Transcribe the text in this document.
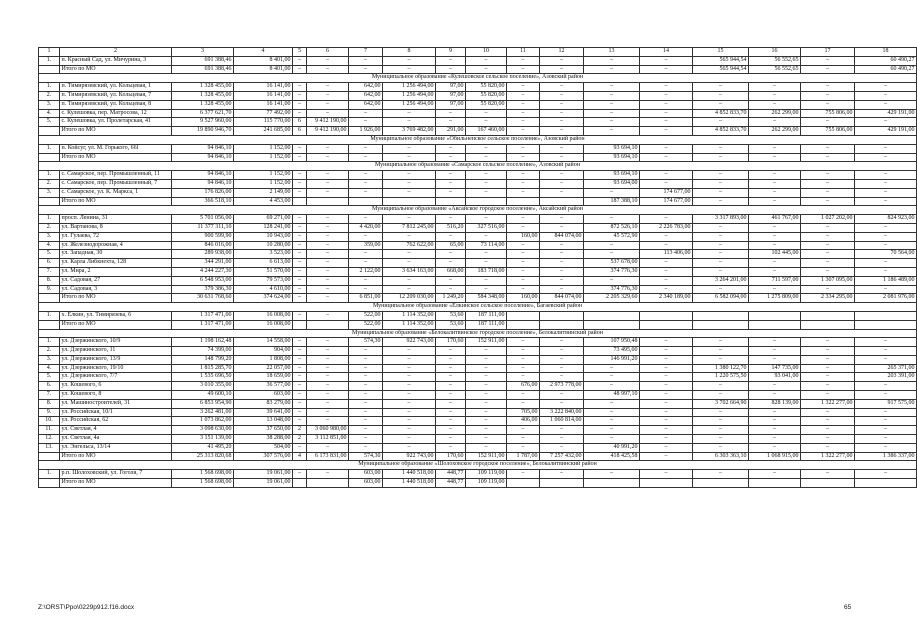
1	2	3	4	5	6	7	8	9	10	11	12	13	14	15	16	17	18
1.	п. Красный Сад, ул. Мичурина, 3	691 388,46	8 401,00	–	–	–	–	–	–	–	–	–	–	565 944,54	56 552,65	–	60 490,27
	Итого по МО	691 388,46	8 401,00	–	–	–	–	–	–	–	–	–	–	565 944,54	56 552,65	–	60 490,27
Муниципальное образование «Кулешовское сельское поселение», Азовский район																	
1.	п. Тимирязевский, ул. Кольцевая, 1	1 328 455,00	16 141,00	–	–	642,00	1 256 494,00	97,00	55 820,00	–	–	–	–	–	–	–	–
2.	п. Тимирязевский, ул. Кольцевая, 7	1 328 455,00	16 141,00	–	–	642,00	1 256 494,00	97,00	55 820,00	–	–	–	–	–	–	–	–
3.	п. Тимирязевский, ул. Кольцевая, 8	1 328 455,00	16 141,00	–	–	642,00	1 256 494,00	97,00	55 820,00	–	–	–	–	–	–	–	–
4.	с. Кулешовка, пер. Матросова, 12	6 377 621,70	77 492,00	–	–	–	–	–	–	–	–	–	–	4 852 833,70	262 299,00	755 806,00	429 191,00
5.	с. Кулешовка, ул. Пролетарская, 41	9 527 960,00	115 770,00	6	9 412 190,00	–	–	–	–	–	–	–	–	–	–	–	–
	Итого по МО	19 890 946,70	241 685,00	6	9 412 190,00	1 926,00	3 769 482,00	291,00	167 460,00	–	–	–	–	4 852 833,70	262 299,00	755 806,00	429 191,00
Муниципальное образование «Обильненское сельское поселение», Азовский район																	
1.	п. Койсуг, ул. М. Горького, 66l	94 846,10	1 152,00	–	–	–	–	–	–	–	–	93 694,10	–	–	–	–	–
	Итого по МО	94 846,10	1 152,00	–	–	–	–	–	–	–	–	93 694,10	–	–	–	–	–
Муниципальное образование «Самарское сельское поселение», Азовский район																	
1.	с. Самарское, пер. Промышленный, 11	94 846,10	1 152,00	–	–	–	–	–	–	–	–	93 694,10	–	–	–	–	–
2.	с. Самарское, пер. Промышленный, 7	94 846,10	1 152,00	–	–	–	–	–	–	–	–	93 694,00	–	–	–	–	–
3.	с. Самарское, ул. К. Маркса, 1	176 826,00	2 149,00	–	–	–	–	–	–	–	–	–	174 677,00	–	–	–	–
	Итого по МО	366 518,10	4 453,00									187 388,10	174 677,00	–	–	–	–
Муниципальное образование «Аксайское городское поселение», Аксайский район																	
1.	просп. Ленина, 31	5 701 056,00	69 271,00	–	–	–	–	–	–	–	–	–	–	3 317 893,00	461 767,00	1 027 202,00	824 923,00
2.	ул. Вартанова, 8	11 377 311,10	128 241,00	–	–	4 420,00	7 812 245,00	516,20	327 516,00	–	–	872 526,10	2 226 783,00	–	–	–	–
3.	ул. Гулаева, 72	900 599,90	10 943,00	–	–	–	–	–	–	160,00	844 074,00	45 572,90	–	–	–	–	–
4.	ул. Железнодорожная, 4	846 016,00	10 280,00	–	–	359,00	762 622,00	65,00	73 114,00	–	–	–	–	–	–	–	–
5.	ул. Западная, 30	289 938,00	3 523,00	–	–	–	–	–	–	–	–	–	113 406,00	–	102 445,00	–	70 564,00
6.	ул. Карла Либкнехта, 128	344 291,00	6 613,00	–	–	–	–	–	–	–	–	537 678,00	–	–	–	–	–
7.	ул. Мира, 2	4 244 227,30	51 570,00	–	–	2 122,00	3 634 163,00	668,00	183 718,00	–	–	374 776,30	–	–	–	–	–
8.	ул. Садовая, 27	6 548 953,00	79 573,00	–	–	–	–	–	–	–	–	–	–	3 264 201,00	711 597,00	1 307 095,00	1 186 489,00
9.	ул. Садовая, 3	379 386,30	4 610,00	–	–	–	–	–	–	–	–	374 776,30	–	–	–	–	–
	Итого по МО	30 631 768,60	374 624,00	–	–	6 851,00	12 209 030,00	1 249,20	584 348,00	160,00	844 074,00	2 205 329,60	2 340 189,00	6 582 094,00	1 275 809,00	2 334 295,00	2 081 976,00
Муниципальное образование «Елкинское сельское поселение», Багаевский район																	
1.	х. Ёлкин, ул. Тимирязева, 6	1 317 471,00	16 008,00	–	–	522,00	1 114 352,00	53,60	187 111,00								
	Итого по МО	1 317 471,00	16 008,00			522,00	1 114 352,00	53,60	187 111,00								
Муниципальное образование «Белокалитвинское городское поселение», Белокалитвинский район																	
1.	ул. Дзержинского, 10/9	1 198 162,48	14 558,00	–	–	574,30	922 743,00	170,60	152 911,00	–	–	107 950,48	–	–	–	–	–
2.	ул. Дзержинского, 11	74 399,00	904,00	–	–	–	–	–	–	–	–	73 495,00	–	–	–	–	–
3.	ул. Дзержинского, 13/9	148 799,20	1 808,00	–	–	–	–	–	–	–	–	146 991,20	–	–	–	–	–
4.	ул. Дзержинского, 19/10	1 815 285,70	22 057,00	–	–	–	–	–	–	–	–	–	–	1 380 122,70	147 735,00	–	265 371,00
5.	ул. Дзержинского, 7/7	1 535 696,50	18 659,00	–	–	–	–	–	–	–	–	–	–	1 220 575,50	93 041,00	–	203 391,00
6.	ул. Кошевого, 6	3 010 355,00	36 577,00	–	–	–	–	–	–	676,00	2 973 778,00	–	–	–	–	–	–
7.	ул. Кошевого, 8	49 600,10	603,00	–	–	–	–	–	–	–	–	48 997,10	–	–	–	–	–
8.	ул. Машиностроителей, 31	6 853 954,90	83 279,00	–	–	–	–	–	–	–	–	–	–	3 702 664,90	828 139,00	1 322 277,00	917 575,00
9.	ул. Российская, 10/1	3 262 481,00	39 641,00	–	–	–	–	–	–	705,00	3 222 840,00	–	–	–	–	–	–
10.	ул. Российская, 62	1 073 862,00	13 048,00	–	–	–	–	–	–	406,00	1 060 814,00	–	–	–	–	–	–
11.	ул. Светлая, 4	3 098 630,00	37 650,00	2	3 060 980,00	–	–	–	–	–	–	–	–	–	–	–	–
12.	ул. Светлая, 4а	3 151 139,00	38 288,00	2	3 112 851,00	–	–	–	–	–	–	–	–	–	–	–	–
13.	ул. Энгельса, 13/14	41 495,20	504,00	–	–	–	–	–	–	–	–	40 991,20	–	–	–	–	–
	Итого по МО	25 313 820,68	307 576,00	4	6 173 831,00	574,30	922 743,00	170,60	152 911,00	1 787,00	7 257 432,00	418 425,58	–	6 303 363,10	1 068 915,00	1 322 277,00	1 386 337,00
Муниципальное образование «Шолоховское городское поселение», Белокалитвинский район																	
1.	р.п. Шолоховский, ул. Гоголя, 7	1 568 698,00	19 061,00	–	–	603,00	1 440 518,00	448,77	109 119,00	–	–	–	–	–	–	–	–
	Итого по МО	1 568 698,00	19 061,00			603,00	1 440 518,00	448,77	109 119,00								
Z:\ORST\Ppo\0229p912.f16.docx	65
